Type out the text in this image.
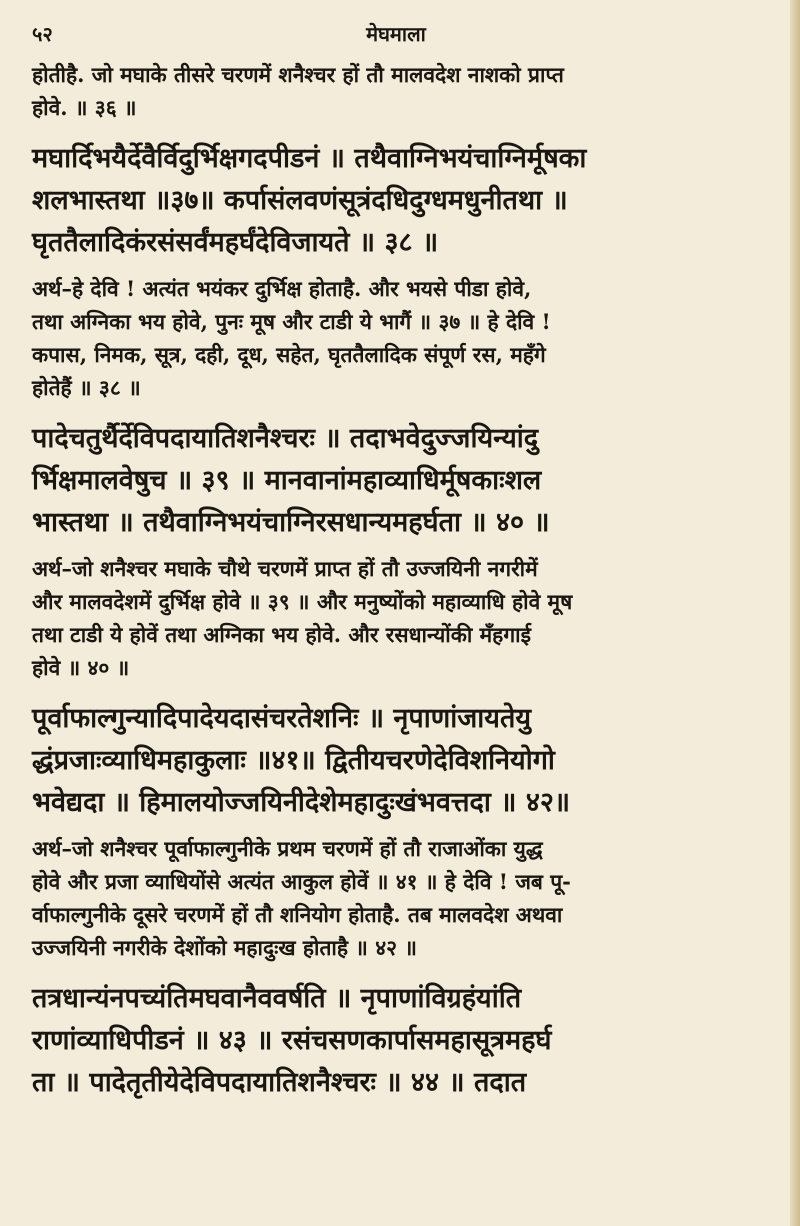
५२	मेघमाला
होतीहै. जो मघाके तीसरे चरणमें शनैश्चर हों तौ मालवदेश नाशको प्राप्त
होवे. ॥ ३६ ॥
मघार्दिभयैर्देवैर्विदुर्भिक्षगदपीडनं ॥ तथैवाग्निभयंचाग्निर्मूषका
शलभास्तथा ॥३७॥ कर्पासंलवणंसूत्रंदधिदुग्धमधुनीतथा ॥
घृततैलादिकंरसंसर्वंमहर्घंदेविजायते ॥ ३८ ॥
अर्थ–हे देवि ! अत्यंत भयंकर दुर्भिक्ष होताहै. और भयसे पीडा होवे,
तथा अग्निका भय होवे, पुनः मूष और टाडी ये भागैं ॥ ३७ ॥ हे देवि !
कपास, निमक, सूत्र, दही, दूध, सहेत, घृततैलादिक संपूर्ण रस, महँगे
होतेहैं ॥ ३८ ॥
पादेचतुर्थैर्देविपदायातिशनैश्चरः ॥ तदाभवेदुज्जयिन्यांदु
र्भिक्षमालवेषुच ॥ ३९ ॥ मानवानांमहाव्याधिर्मूषकाःशल
भास्तथा ॥ तथैवाग्निभयंचाग्निरसधान्यमहर्घता ॥ ४० ॥
अर्थ–जो शनैश्चर मघाके चौथे चरणमें प्राप्त हों तौ उज्जयिनी नगरीमें
और मालवदेशमें दुर्भिक्ष होवे ॥ ३९ ॥ और मनुष्योंको महाव्याधि होवे मूष
तथा टाडी ये होवें तथा अग्निका भय होवे. और रसधान्योंकी मँहगाई
होवे ॥ ४० ॥
पूर्वाफाल्गुन्यादिपादेयदासंचरतेशनिः ॥ नृपाणांजायतेयु
द्धंप्रजाःव्याधिमहाकुलाः ॥४१॥ द्वितीयचरणेदेविशनियोगो
भवेद्यदा ॥ हिमालयोज्जयिनीदेशेमहादुःखंभवत्तदा ॥ ४२॥
अर्थ–जो शनैश्चर पूर्वाफाल्गुनीके प्रथम चरणमें हों तौ राजाओंका युद्ध
होवे और प्रजा व्याधियोंसे अत्यंत आकुल होवें ॥ ४१ ॥ हे देवि ! जब पू-
र्वाफाल्गुनीके दूसरे चरणमें हों तौ शनियोग होताहै. तब मालवदेश अथवा
उज्जयिनी नगरीके देशोंको महादुःख होताहै ॥ ४२ ॥
तत्रधान्यंनपच्यंतिमघवानैववर्षति ॥ नृपाणांविग्रहंयांति
राणांव्याधिपीडनं ॥ ४३ ॥ रसंचसणकार्पासमहासूत्रमहर्घ
ता ॥ पादेतृतीयेदेविपदायातिशनैश्चरः ॥ ४४ ॥ तदात
